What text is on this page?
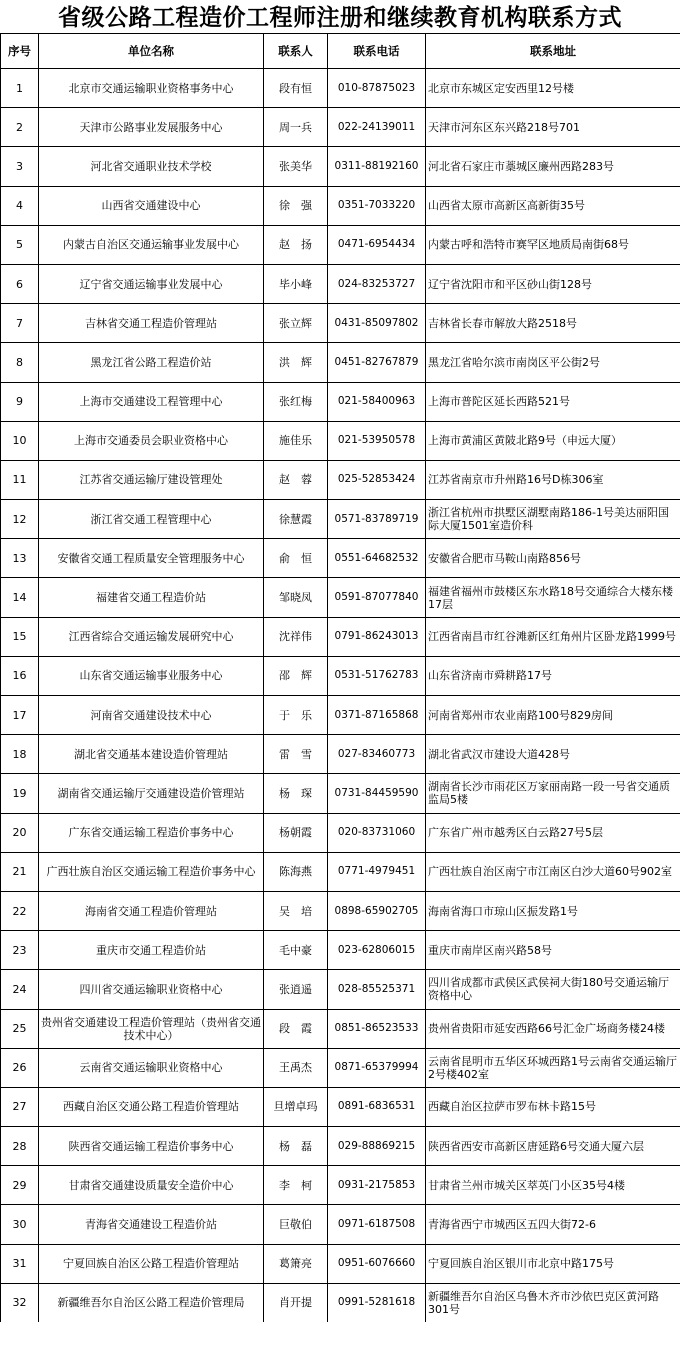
省级公路工程造价工程师注册和继续教育机构联系方式
序号	单位名称	联系人	联系电话	联系地址
1	北京市交通运输职业资格事务中心	段有恒	010-87875023	北京市东城区定安西里12号楼
2	天津市公路事业发展服务中心	周一兵	022-24139011	天津市河东区东兴路218号701
3	河北省交通职业技术学校	张美华	0311-88192160	河北省石家庄市藁城区廉州西路283号
4	山西省交通建设中心	徐　强	0351-7033220	山西省太原市高新区高新街35号
5	内蒙古自治区交通运输事业发展中心	赵　扬	0471-6954434	内蒙古呼和浩特市赛罕区地质局南街68号
6	辽宁省交通运输事业发展中心	毕小峰	024-83253727	辽宁省沈阳市和平区砂山街128号
7	吉林省交通工程造价管理站	张立辉	0431-85097802	吉林省长春市解放大路2518号
8	黑龙江省公路工程造价站	洪　辉	0451-82767879	黑龙江省哈尔滨市南岗区平公街2号
9	上海市交通建设工程管理中心	张红梅	021-58400963	上海市普陀区延长西路521号
10	上海市交通委员会职业资格中心	施佳乐	021-53950578	上海市黄浦区黄陂北路9号（申远大厦）
11	江苏省交通运输厅建设管理处	赵　蓉	025-52853424	江苏省南京市升州路16号D栋306室
12	浙江省交通工程管理中心	徐慧霞	0571-83789719	浙江省杭州市拱墅区湖墅南路186-1号美达丽阳国际大厦1501室造价科
13	安徽省交通工程质量安全管理服务中心	俞　恒	0551-64682532	安徽省合肥市马鞍山南路856号
14	福建省交通工程造价站	邹晓凤	0591-87077840	福建省福州市鼓楼区东水路18号交通综合大楼东楼17层
15	江西省综合交通运输发展研究中心	沈祥伟	0791-86243013	江西省南昌市红谷滩新区红角州片区卧龙路1999号
16	山东省交通运输事业服务中心	邵　辉	0531-51762783	山东省济南市舜耕路17号
17	河南省交通建设技术中心	于　乐	0371-87165868	河南省郑州市农业南路100号829房间
18	湖北省交通基本建设造价管理站	雷　雪	027-83460773	湖北省武汉市建设大道428号
19	湖南省交通运输厅交通建设造价管理站	杨　琛	0731-84459590	湖南省长沙市雨花区万家丽南路一段一号省交通质监局5楼
20	广东省交通运输工程造价事务中心	杨朝霞	020-83731060	广东省广州市越秀区白云路27号5层
21	广西壮族自治区交通运输工程造价事务中心	陈海燕	0771-4979451	广西壮族自治区南宁市江南区白沙大道60号902室
22	海南省交通工程造价管理站	吴　培	0898-65902705	海南省海口市琼山区振发路1号
23	重庆市交通工程造价站	毛中豪	023-62806015	重庆市南岸区南兴路58号
24	四川省交通运输职业资格中心	张逍遥	028-85525371	四川省成都市武侯区武侯祠大街180号交通运输厅资格中心
25	贵州省交通建设工程造价管理站（贵州省交通技术中心）	段　霞	0851-86523533	贵州省贵阳市延安西路66号汇金广场商务楼24楼
26	云南省交通运输职业资格中心	王禹杰	0871-65379994	云南省昆明市五华区环城西路1号云南省交通运输厅2号楼402室
27	西藏自治区交通公路工程造价管理站	旦增卓玛	0891-6836531	西藏自治区拉萨市罗布林卡路15号
28	陕西省交通运输工程造价事务中心	杨　磊	029-88869215	陕西省西安市高新区唐延路6号交通大厦六层
29	甘肃省交通建设质量安全造价中心	李　柯	0931-2175853	甘肃省兰州市城关区萃英门小区35号4楼
30	青海省交通建设工程造价站	巨敬伯	0971-6187508	青海省西宁市城西区五四大街72-6
31	宁夏回族自治区公路工程造价管理站	葛箫亮	0951-6076660	宁夏回族自治区银川市北京中路175号
32	新疆维吾尔自治区公路工程造价管理局	肖开提	0991-5281618	新疆维吾尔自治区乌鲁木齐市沙依巴克区黄河路301号
